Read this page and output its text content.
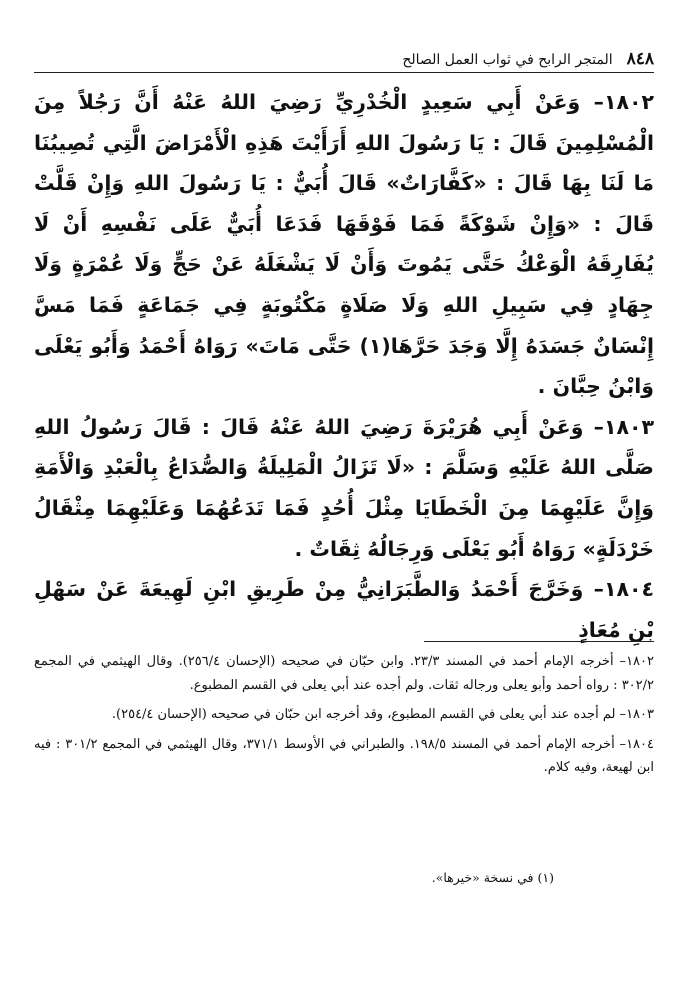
٨٤٨
المتجر الرابح في ثواب العمل الصالح

١٨٠٢– وَعَنْ أَبِي سَعِيدٍ الْخُدْرِيِّ رَضِيَ اللهُ عَنْهُ أَنَّ رَجُلاً مِنَ الْمُسْلِمِينَ قَالَ : يَا رَسُولَ اللهِ أَرَأَيْتَ هَذِهِ الْأَمْرَاضَ الَّتِي تُصِيبُنَا مَا لَنَا بِهَا قَالَ : «كَفَّارَاتٌ» قَالَ أُبَيٌّ : يَا رَسُولَ اللهِ وَإِنْ قَلَّتْ قَالَ : «وَإِنْ شَوْكَةً فَمَا فَوْقَهَا فَدَعَا أُبَيٌّ عَلَى نَفْسِهِ أَنْ لَا يُفَارِقَهُ الْوَعْكُ حَتَّى يَمُوتَ وَأَنْ لَا يَشْغَلَهُ عَنْ حَجٍّ وَلَا عُمْرَةٍ وَلَا جِهَادٍ فِي سَبِيلِ اللهِ وَلَا صَلَاةٍ مَكْتُوبَةٍ فِي جَمَاعَةٍ فَمَا مَسَّ إِنْسَانٌ جَسَدَهُ إِلَّا وَجَدَ حَرَّهَا(١) حَتَّى مَاتَ» رَوَاهُ أَحْمَدُ وَأَبُو يَعْلَى وَابْنُ حِبَّانَ .

١٨٠٣– وَعَنْ أَبِي هُرَيْرَةَ رَضِيَ اللهُ عَنْهُ قَالَ : قَالَ رَسُولُ اللهِ صَلَّى اللهُ عَلَيْهِ وَسَلَّمَ : «لَا تَزَالُ الْمَلِيلَةُ وَالصُّدَاعُ بِالْعَبْدِ وَالْأَمَةِ وَإِنَّ عَلَيْهِمَا مِنَ الْخَطَايَا مِثْلَ أُحُدٍ فَمَا تَدَعُهُمَا وَعَلَيْهِمَا مِثْقَالُ خَرْدَلَةٍ» رَوَاهُ أَبُو يَعْلَى وَرِجَالُهُ ثِقَاتٌ .

١٨٠٤– وَخَرَّجَ أَحْمَدُ وَالطَّبَرَانِيُّ مِنْ طَرِيقِ ابْنِ لَهِيعَةَ عَنْ سَهْلِ بْنِ مُعَاذٍ

١٨٠٢– أخرجه الإمام أحمد في المسند ٢٣/٣. وابن حبّان في صحيحه (الإحسان ٢٥٦/٤). وقال الهيثمي في المجمع ٣٠٢/٢ : رواه أحمد وأبو يعلى ورجاله ثقات. ولم أجده عند أبي يعلى في القسم المطبوع.

١٨٠٣– لم أجده عند أبي يعلى في القسم المطبوع، وقد أخرجه ابن حبّان في صحيحه (الإحسان ٢٥٤/٤).

١٨٠٤– أخرجه الإمام أحمد في المسند ١٩٨/٥. والطبراني في الأوسط ٣٧١/١، وقال الهيثمي في المجمع ٣٠١/٢ : فيه ابن لهيعة، وفيه كلام.

(١) في نسخة «خيرها».
